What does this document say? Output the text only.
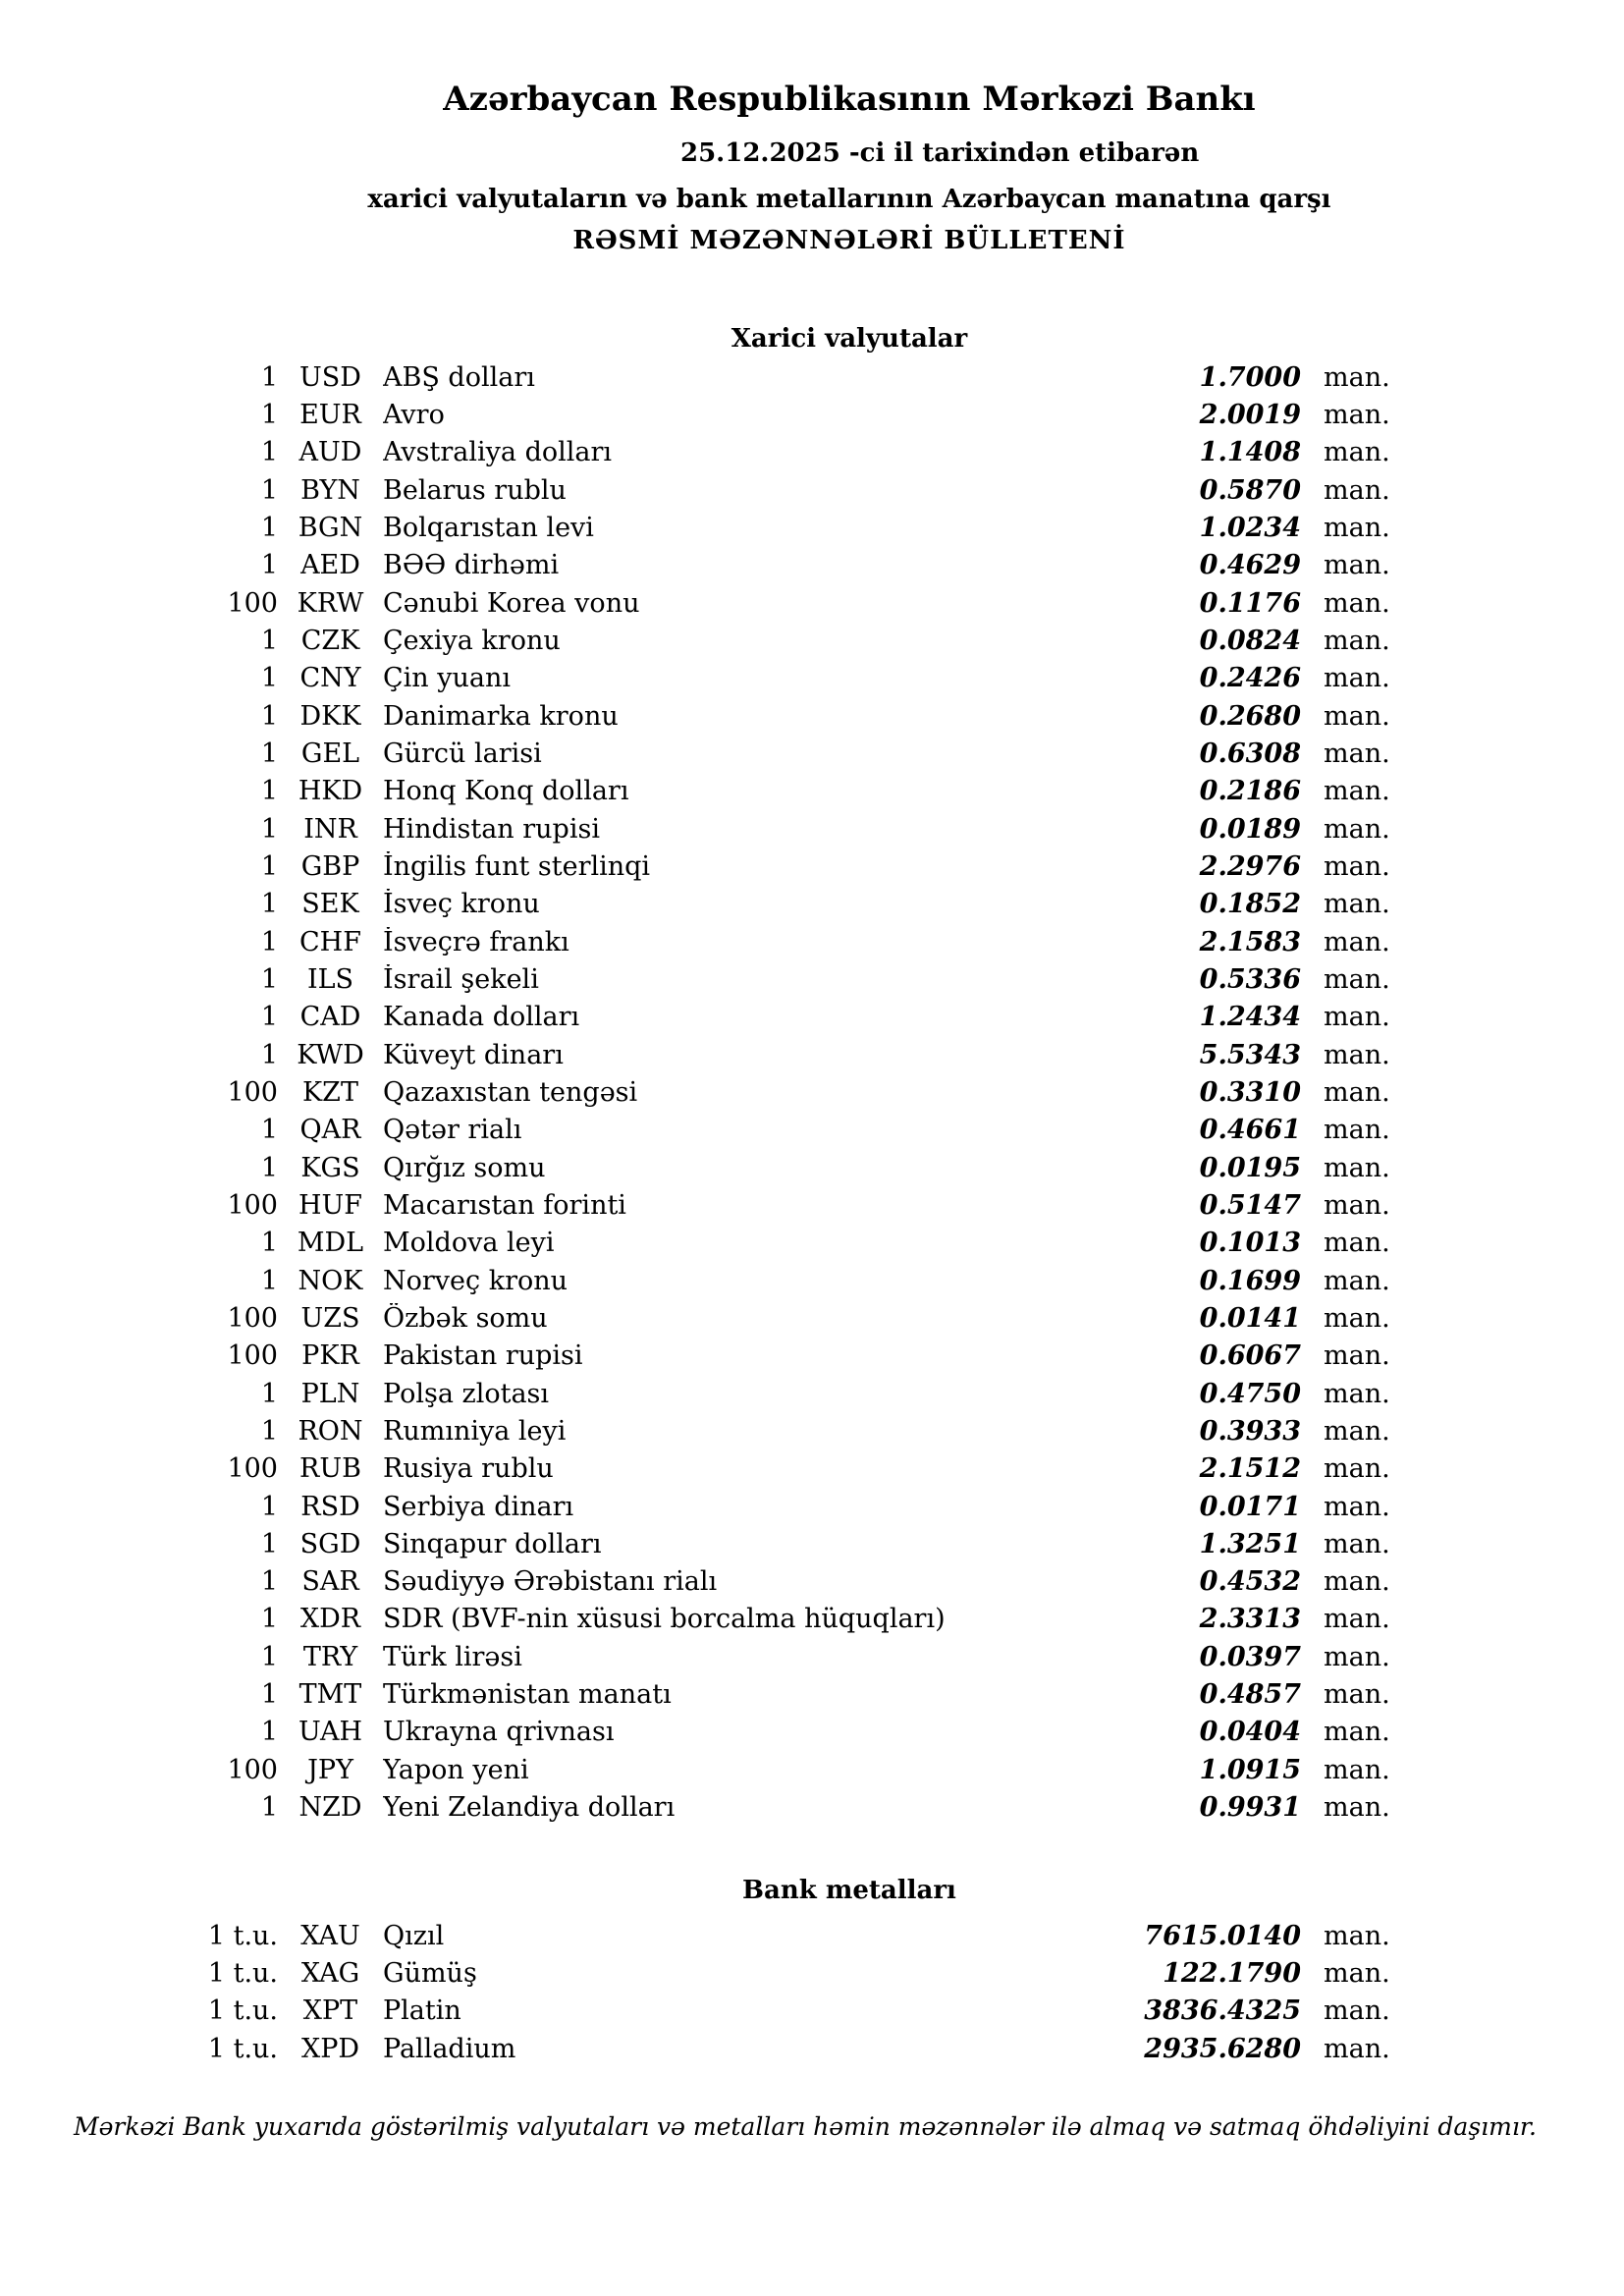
Azərbaycan Respublikasının Mərkəzi Bankı
25.12.2025 -ci il tarixindən etibarən
xarici valyutaların və bank metallarının Azərbaycan manatına qarşı
RƏSMİ MƏZƏNNƏLƏRİ BÜLLETENİ
Xarici valyutalar
1 USD ABŞ dolları	1.7000 man.
1 EUR Avro	2.0019 man.
1 AUD Avstraliya dolları	1.1408 man.
1 BYN Belarus rublu	0.5870 man.
1 BGN Bolqarıstan levi	1.0234 man.
1 AED BƏƏ dirhəmi	0.4629 man.
100 KRW Cənubi Korea vonu	0.1176 man.
1 CZK Çexiya kronu	0.0824 man.
1 CNY Çin yuanı	0.2426 man.
1 DKK Danimarka kronu	0.2680 man.
1 GEL Gürcü larisi	0.6308 man.
1 HKD Honq Konq dolları	0.2186 man.
1 INR Hindistan rupisi	0.0189 man.
1 GBP İngilis funt sterlinqi	2.2976 man.
1 SEK İsveç kronu	0.1852 man.
1 CHF İsveçrə frankı	2.1583 man.
1	ILS	İsrail şekeli	0.5336 man.
1 CAD Kanada dolları	1.2434 man.
1 KWD Küveyt dinarı	5.5343 man.
100 KZT Qazaxıstan tengəsi	0.3310 man.
1 QAR Qətər rialı	0.4661 man.
1 KGS Qırğız somu	0.0195 man.
100 HUF Macarıstan forinti	0.5147 man.
1 MDL Moldova leyi	0.1013 man.
1 NOK Norveç kronu	0.1699 man.
100 UZS Özbək somu	0.0141 man.
100 PKR Pakistan rupisi	0.6067 man.
1 PLN Polşa zlotası	0.4750 man.
1 RON Rumıniya leyi	0.3933 man.
100 RUB Rusiya rublu	2.1512 man.
1 RSD Serbiya dinarı	0.0171 man.
1 SGD Sinqapur dolları	1.3251 man.
1 SAR Səudiyyə Ərəbistanı rialı	0.4532 man.
1 XDR SDR (BVF-nin xüsusi borcalma hüquqları)	2.3313 man.
1 TRY Türk lirəsi	0.0397 man.
1 TMT Türkmənistan manatı	0.4857 man.
1 UAH Ukrayna qrivnası	0.0404 man.
100	JPY	Yapon yeni	1.0915 man.
1 NZD Yeni Zelandiya dolları	0.9931 man.
Bank metalları
1 t.u. XAU Qızıl	7615.0140 man.
1 t.u. XAG Gümüş	122.1790 man.
1 t.u. XPT Platin	3836.4325 man.
1 t.u. XPD Palladium	2935.6280 man.
Mərkəzi Bank yuxarıda göstərilmiş valyutaları və metalları həmin məzənnələr ilə almaq və satmaq öhdəliyini daşımır.
